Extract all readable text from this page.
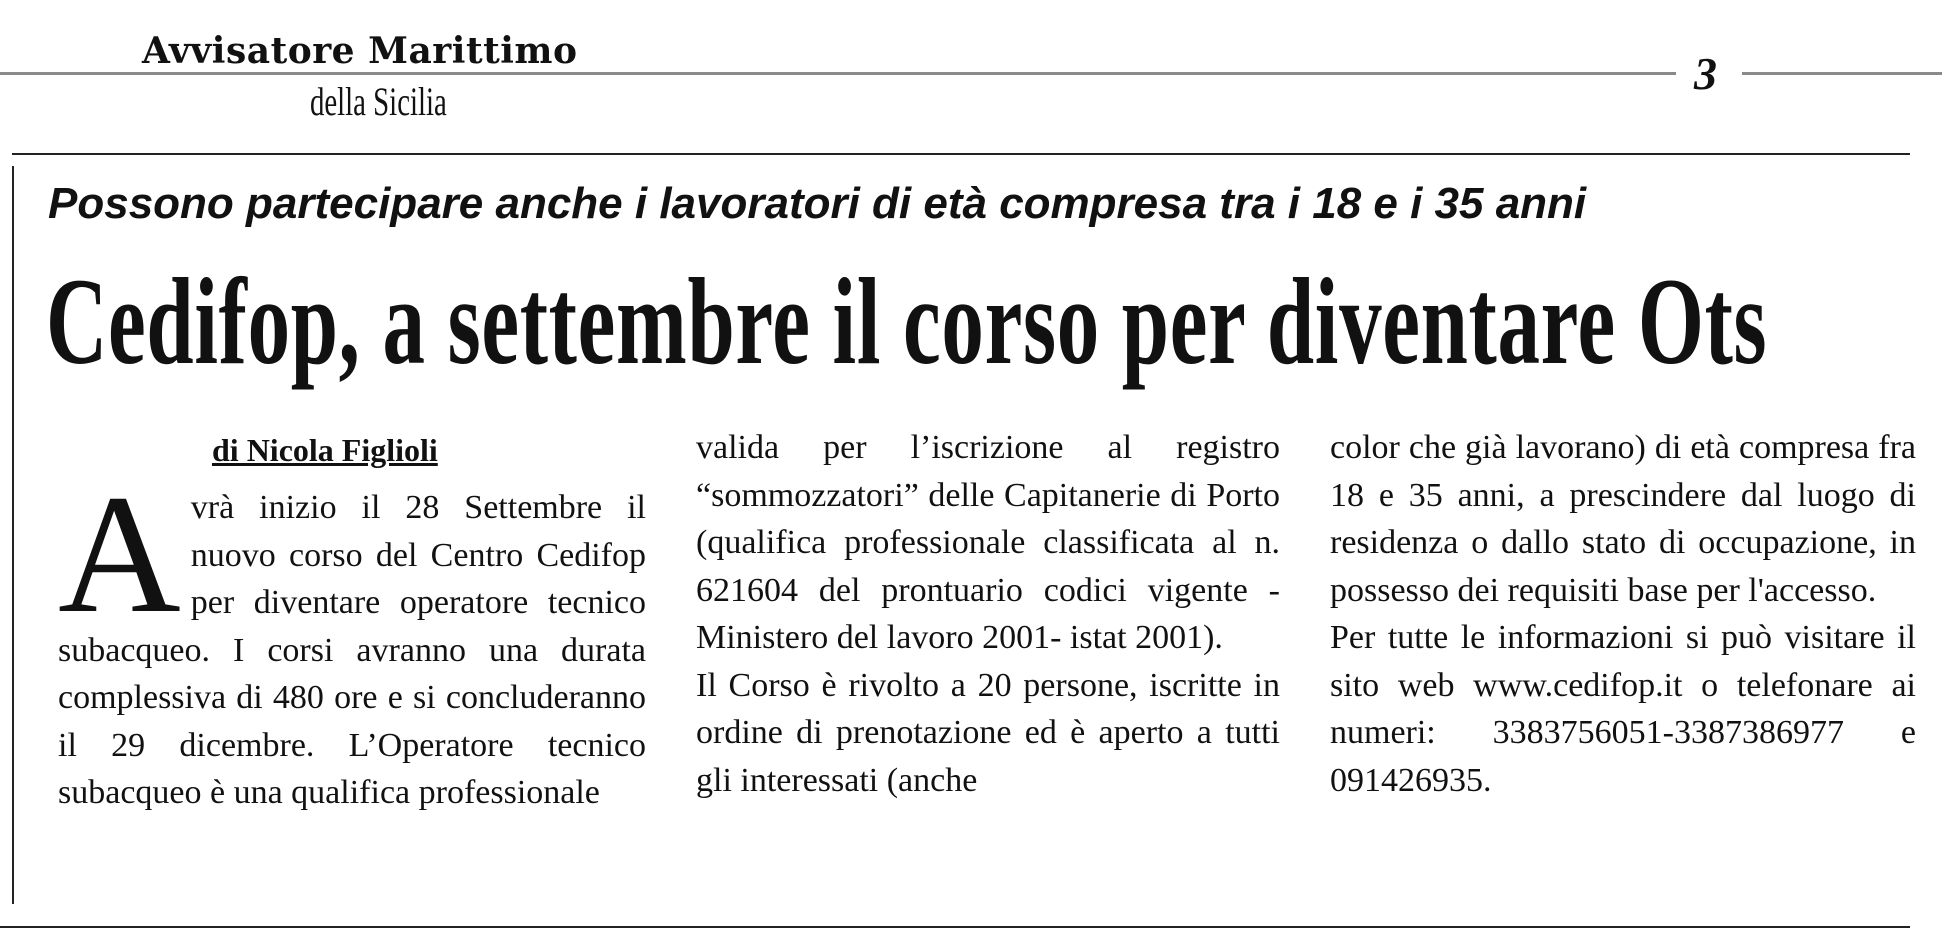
Avvisatore Marittimo
della Sicilia
3
Possono partecipare anche i lavoratori di età compresa tra i 18 e i 35 anni
Cedifop, a settembre il corso per diventare Ots
di Nicola Figlioli
A vrà inizio il 28 Settembre il nuovo corso del Centro Cedifop per diventare operatore tecnico subacqueo. I corsi avranno una durata complessiva di 480 ore e si concluderanno il 29 dicembre. L’Operatore tecnico subacqueo è una qualifica professionale

valida per l’iscrizione al registro “sommozzatori” delle Capitanerie di Porto (qualifica professionale classificata al n. 621604 del prontuario codici vigente - Ministero del lavoro 2001- istat 2001).

Il Corso è rivolto a 20 persone, iscritte in ordine di prenotazione ed è aperto a tutti gli interessati (anche

color che già lavorano) di età compresa fra 18 e 35 anni, a prescindere dal luogo di residenza o dallo stato di occupazione, in possesso dei requisiti base per l'accesso.

Per tutte le informazioni si può visitare il sito web www.cedifop.it o telefonare ai numeri: 3383756051-3387386977 e 091426935.
